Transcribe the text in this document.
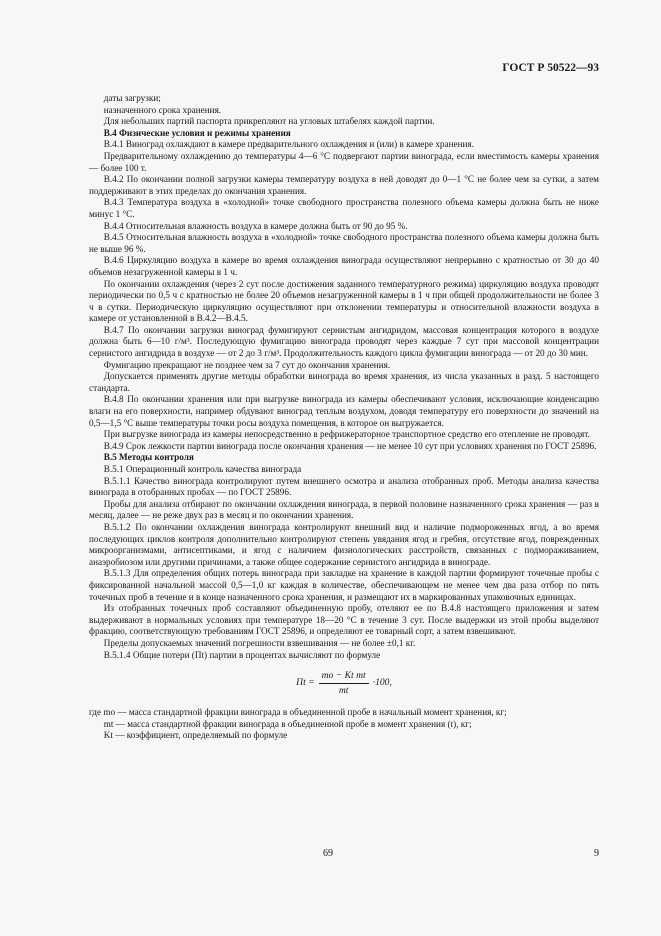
ГОСТ Р 50522—93

даты загрузки;

назначенного срока хранения.

Для небольших партий паспорта прикрепляют на угловых штабелях каждой партии.

В.4 Физические условия и режимы хранения

В.4.1 Виноград охлаждают в камере предварительного охлаждения и (или) в камере хранения.

Предварительному охлаждению до температуры 4—6 °С подвергают партии винограда, если вместимость камеры хранения — более 100 т.

В.4.2 По окончании полной загрузки камеры температуру воздуха в ней доводят до 0—1 °С не более чем за сутки, а затем поддерживают в этих пределах до окончания хранения.

В.4.3 Температура воздуха в «холодной» точке свободного пространства полезного объема камеры должна быть не ниже минус 1 °С.

В.4.4 Относительная влажность воздуха в камере должна быть от 90 до 95 %.

В.4.5 Относительная влажность воздуха в «холодной» точке свободного пространства полезного объема камеры должна быть не выше 96 %.

В.4.6 Циркуляцию воздуха в камере во время охлаждения винограда осуществляют непрерывно с кратностью от 30 до 40 объемов незагруженной камеры в 1 ч.

По окончании охлаждения (через 2 сут после достижения заданного температурного режима) циркуляцию воздуха проводят периодически по 0,5 ч с кратностью не более 20 объемов незагруженной камеры в 1 ч при общей продолжительности не более 3 ч в сутки. Периодическую циркуляцию осуществляют при отклонении температуры и относительной влажности воздуха в камере от установленной в В.4.2—В.4.5.

В.4.7 По окончании загрузки виноград фумигируют сернистым ангидридом, массовая концентрация которого в воздухе должна быть 6—10 г/м³. Последующую фумигацию винограда проводят через каждые 7 сут при массовой концентрации сернистого ангидрида в воздухе — от 2 до 3 г/м³. Продолжительность каждого цикла фумигации винограда — от 20 до 30 мин.

Фумигацию прекращают не позднее чем за 7 сут до окончания хранения.

Допускается применять другие методы обработки винограда во время хранения, из числа указанных в разд. 5 настоящего стандарта.

В.4.8 По окончании хранения или при выгрузке винограда из камеры обеспечивают условия, исключающие конденсацию влаги на его поверхности, например обдувают виноград теплым воздухом, доводя температуру его поверхности до значений на 0,5—1,5 °С выше температуры точки росы воздуха помещения, в которое он выгружается.

При выгрузке винограда из камеры непосредственно в рефрижераторное транспортное средство его отепление не проводят.

В.4.9 Срок лежкости партии винограда после окончания хранения — не менее 10 сут при условиях хранения по ГОСТ 25896.

В.5 Методы контроля

В.5.1 Операционный контроль качества винограда

В.5.1.1 Качество винограда контролируют путем внешнего осмотра и анализа отобранных проб. Методы анализа качества винограда в отобранных пробах — по ГОСТ 25896.

Пробы для анализа отбирают по окончании охлаждения винограда, в первой половине назначенного срока хранения — раз в месяц, далее — не реже двух раз в месяц и по окончании хранения.

В.5.1.2 По окончании охлаждения винограда контролируют внешний вид и наличие подмороженных ягод, а во время последующих циклов контроля дополнительно контролируют степень увядания ягод и гребня, отсутствие ягод, поврежденных микроорганизмами, антисептиками, и ягод с наличием физиологических расстройств, связанных с подмораживанием, анаэробиозом или другими причинами, а также общее содержание сернистого ангидрида в винограде.

В.5.1.3 Для определения общих потерь винограда при закладке на хранение в каждой партии формируют точечные пробы с фиксированной начальной массой 0,5—1,0 кг каждая в количестве, обеспечивающем не менее чем два раза отбор по пять точечных проб в течение и в конце назначенного срока хранения, и размещают их в маркированных упаковочных единицах.

Из отобранных точечных проб составляют объединенную пробу, отеляют ее по В.4.8 настоящего приложения и затем выдерживают в нормальных условиях при температуре 18—20 °С в течение 3 сут. После выдержки из этой пробы выделяют фракцию, соответствующую требованиям ГОСТ 25896, и определяют ее товарный сорт, а затем взвешивают.

Пределы допускаемых значений погрешности взвешивания — не более ±0,1 кг.

В.5.1.4 Общие потери (Пt) партии в процентах вычисляют по формуле

Пt = $\frac{\text{mo − Kt mt}}{mt} \cdot 100$,

где mo — масса стандартной фракции винограда в объединенной пробе в начальный момент хранения, кг;

mt — масса стандартной фракции винограда в объединенной пробе в момент хранения (t), кг;

Kt — коэффициент, определяемый по формуле

69	9
